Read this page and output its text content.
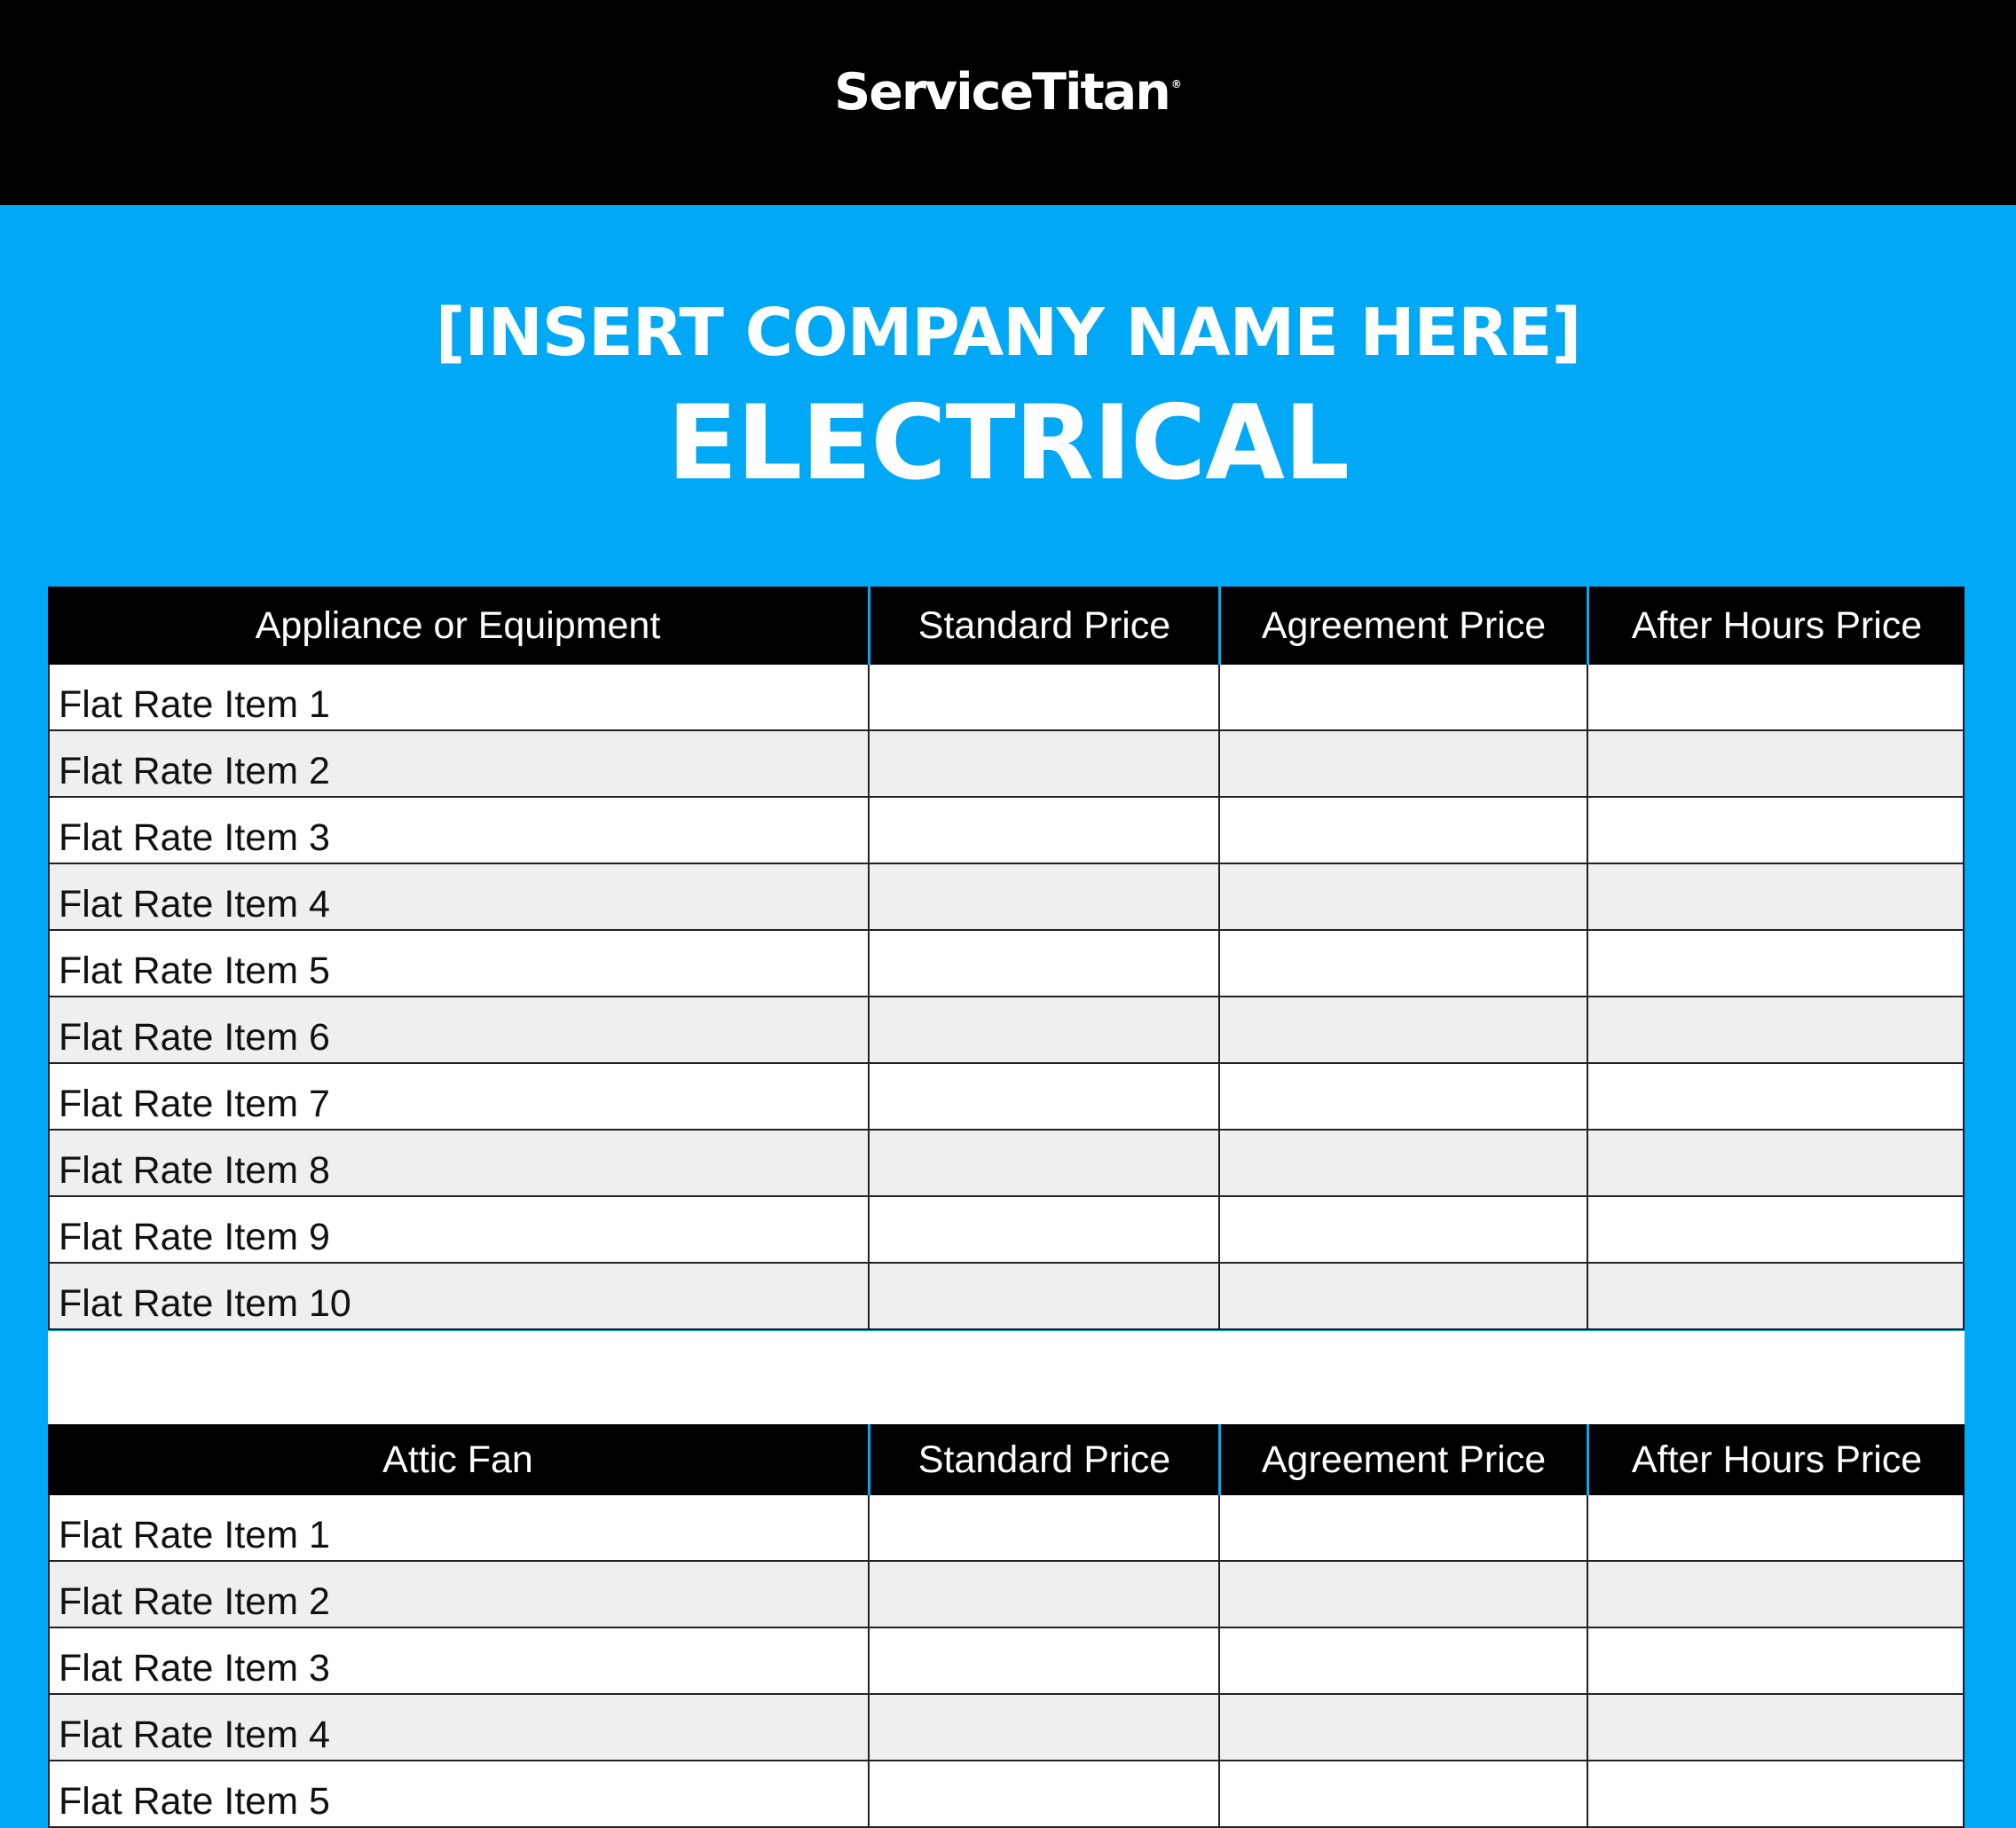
ServiceTitan ®
[INSERT COMPANY NAME HERE]
ELECTRICAL
Appliance or Equipment	Standard Price	Agreement Price	After Hours Price
Flat Rate Item 1
Flat Rate Item 2
Flat Rate Item 3
Flat Rate Item 4
Flat Rate Item 5
Flat Rate Item 6
Flat Rate Item 7
Flat Rate Item 8
Flat Rate Item 9
Flat Rate Item 10
Attic Fan	Standard Price	Agreement Price	After Hours Price
Flat Rate Item 1
Flat Rate Item 2
Flat Rate Item 3
Flat Rate Item 4
Flat Rate Item 5
